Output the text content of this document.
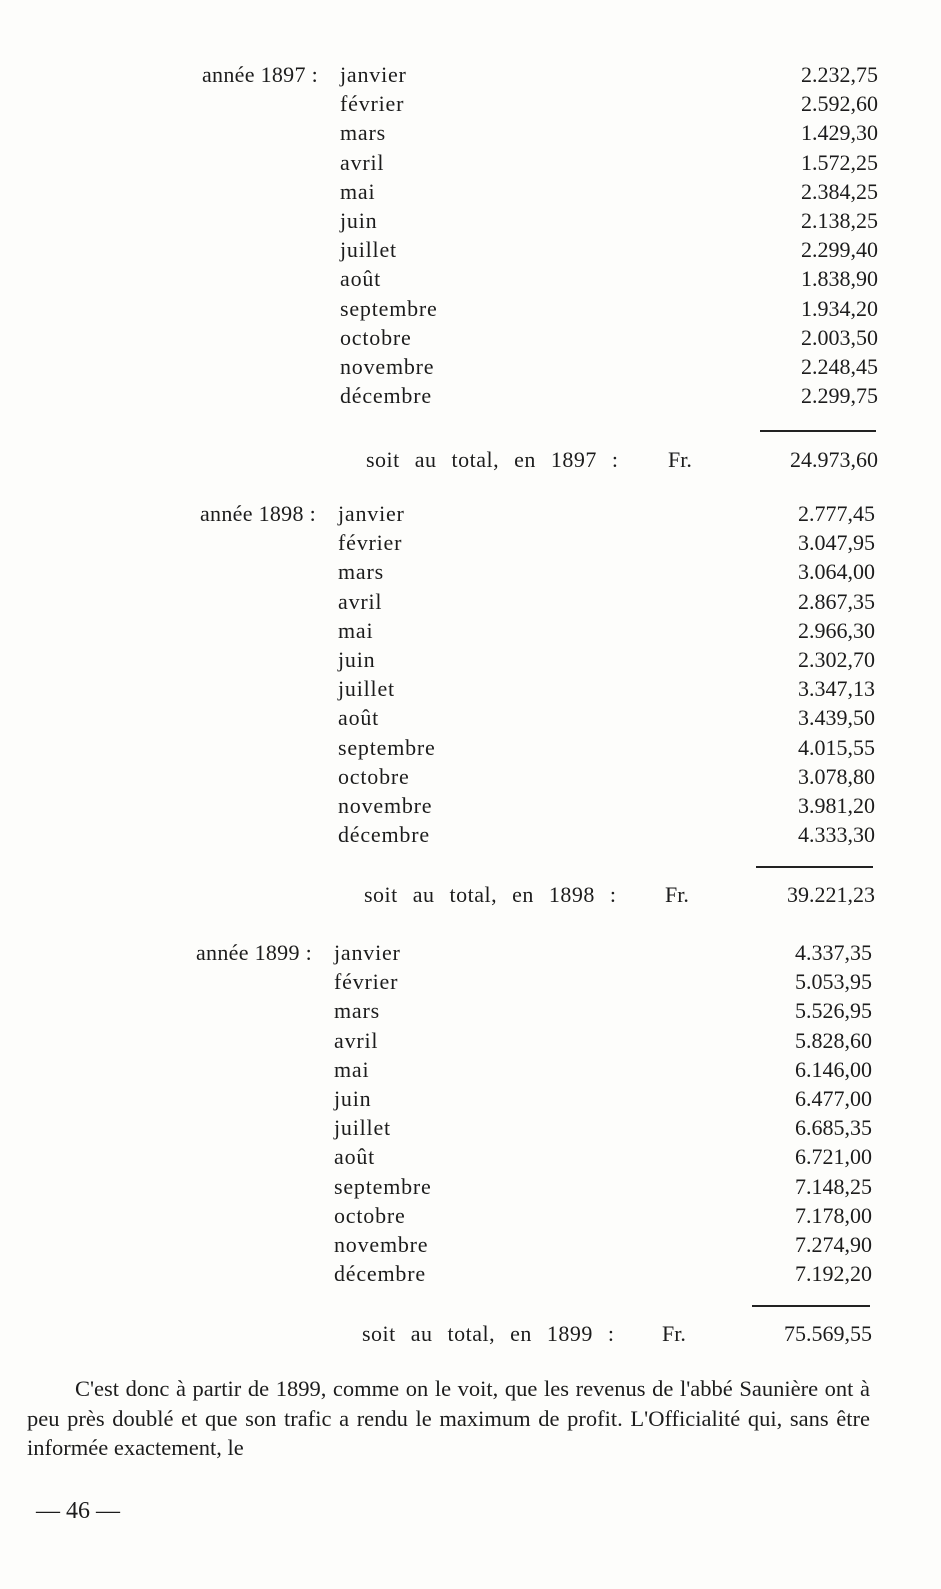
année 1897 : janvier	2.232,75
février	2.592,60
mars	1.429,30
avril	1.572,25
mai	2.384,25
juin	2.138,25
juillet	2.299,40
août	1.838,90
septembre	1.934,20
octobre	2.003,50
novembre	2.248,45
décembre	2.299,75
soit au total, en 1897 : Fr.	24.973,60
année 1898 : janvier	2.777,45
février	3.047,95
mars	3.064,00
avril	2.867,35
mai	2.966,30
juin	2.302,70
juillet	3.347,13
août	3.439,50
septembre	4.015,55
octobre	3.078,80
novembre	3.981,20
décembre	4.333,30
soit au total, en 1898 : Fr.	39.221,23
année 1899 : janvier	4.337,35
février	5.053,95
mars	5.526,95
avril	5.828,60
mai	6.146,00
juin	6.477,00
juillet	6.685,35
août	6.721,00
septembre	7.148,25
octobre	7.178,00
novembre	7.274,90
décembre	7.192,20
soit au total, en 1899 : Fr.	75.569,55

C'est donc à partir de 1899, comme on le voit, que les revenus de l'abbé Saunière ont à peu près doublé et que son trafic a rendu le maximum de profit. L'Officialité qui, sans être informée exactement, le

— 46 —
